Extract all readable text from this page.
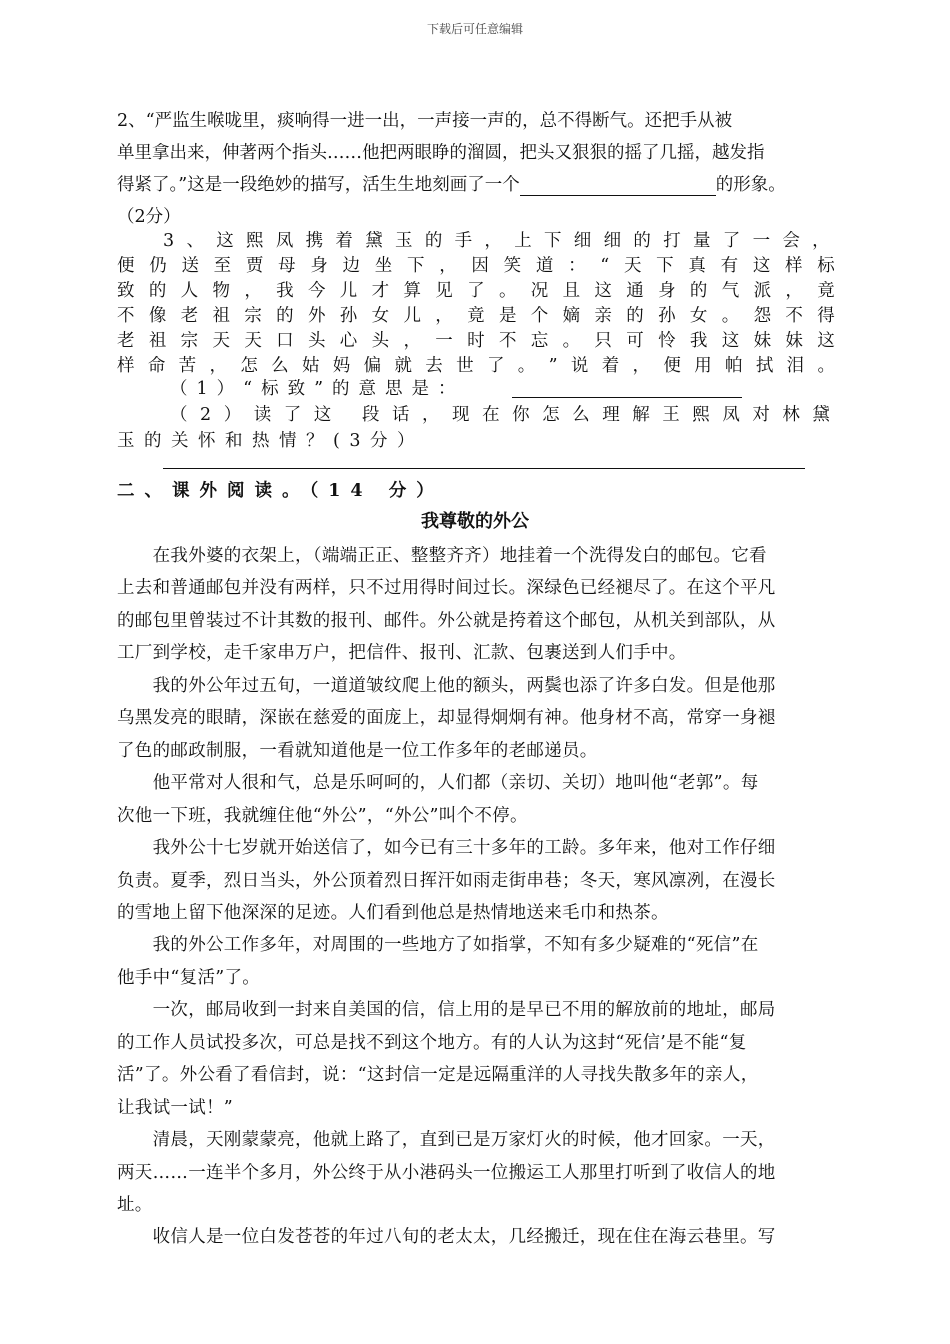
下载后可任意编辑
2、“严监生喉咙里，痰响得一进一出，一声接一声的，总不得断气。还把手从被
单里拿出来，伸著两个指头……他把两眼睁的溜圆，把头又狠狠的摇了几摇，越发指
得紧了。”这是一段绝妙的描写，活生生地刻画了一个	的形象。
（2分）
（1）“标致”的意思是：
（ 2 ） 读 了 这
段 话 ， 现 在 你 怎 么 理 解 王 熙 凤 对 林 黛
玉的关怀和热情？(3分）
二、课外阅读。（14 分）
我尊敬的外公
　　在我外婆的衣架上，（端端正正、整整齐齐）地挂着一个洗得发白的邮包。它看
上去和普通邮包并没有两样，只不过用得时间过长。深绿色已经褪尽了。在这个平凡
的邮包里曾装过不计其数的报刊、邮件。外公就是挎着这个邮包，从机关到部队，从
工厂到学校，走千家串万户，把信件、报刊、汇款、包裹送到人们手中。
　　我的外公年过五旬，一道道皱纹爬上他的额头，两鬓也添了许多白发。但是他那
乌黑发亮的眼睛，深嵌在慈爱的面庞上，却显得炯炯有神。他身材不高，常穿一身褪
了色的邮政制服，一看就知道他是一位工作多年的老邮递员。
　　他平常对人很和气，总是乐呵呵的，人们都（亲切、关切）地叫他“老郭”。每
次他一下班，我就缠住他“外公”，“外公”叫个不停。
　　我外公十七岁就开始送信了，如今已有三十多年的工龄。多年来，他对工作仔细
负责。夏季，烈日当头，外公顶着烈日挥汗如雨走街串巷；冬天，寒风凛冽，在漫长
的雪地上留下他深深的足迹。人们看到他总是热情地送来毛巾和热茶。
　　我的外公工作多年，对周围的一些地方了如指掌，不知有多少疑难的“死信”在
他手中“复活”了。
　　一次，邮局收到一封来自美国的信，信上用的是早已不用的解放前的地址，邮局
的工作人员试投多次，可总是找不到这个地方。有的人认为这封“死信’是不能“复
活”了。外公看了看信封，说：“这封信一定是远隔重洋的人寻找失散多年的亲人，
让我试一试！”
　　清晨，天刚蒙蒙亮，他就上路了，直到已是万家灯火的时候，他才回家。一天，
两天……一连半个多月，外公终于从小港码头一位搬运工人那里打听到了收信人的地
址。
　　收信人是一位白发苍苍的年过八旬的老太太，几经搬迁，现在住在海云巷里。写
3 、 这 熙 凤 携 着 黛 玉 的 手 ， 上 下 细 细 的 打 量 了 一 会 ，
便 仍 送 至 贾 母 身 边 坐 下 ， 因 笑 道 ： “ 天 下 真 有 这 样 标
致 的 人 物 ， 我 今 儿 才 算 见 了 。 况 且 这 通 身 的 气 派 ， 竟
不 像 老 祖 宗 的 外 孙 女 儿 ， 竟 是 个 嫡 亲 的 孙 女 。 怨 不 得
老 祖 宗 天 天 口 头 心 头 ， 一 时 不 忘 。 只 可 怜 我 这 妹 妹 这
样 命 苦 ， 怎 么 姑 妈 偏 就 去 世 了 。 ” 说 着 ， 便 用 帕 拭 泪 。
